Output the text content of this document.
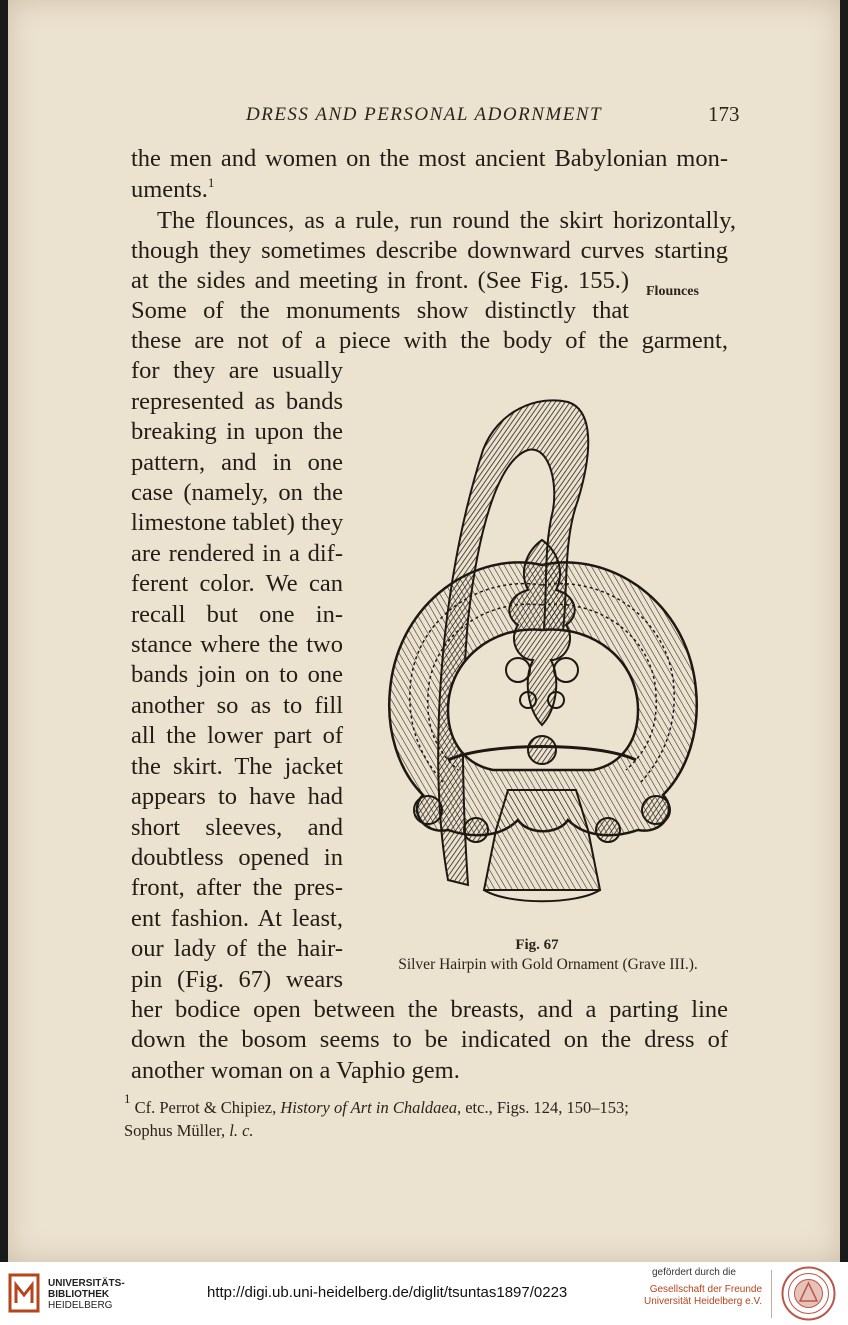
DRESS AND PERSONAL ADORNMENT	173
the men and women on the most ancient Babylonian mon-
uments.$^1$
The flounces, as a rule, run round the skirt horizontally,
though they sometimes describe downward curves starting
at the sides and meeting in front. (See Fig. 155.)
Some of the monuments show distinctly that
these are not of a piece with the body of the garment,
for they are usually
represented as bands
breaking in upon the
pattern, and in one
case (namely, on the
limestone tablet) they
are rendered in a dif-
ferent color. We can
recall but one in-
stance where the two
bands join on to one
another so as to fill
all the lower part of
the skirt. The jacket
appears to have had
short sleeves, and
doubtless opened in
front, after the pres-
ent fashion. At least,
our lady of the hair-
pin (Fig. 67) wears
her bodice open between the breasts, and a parting line
down the bosom seems to be indicated on the dress of
another woman on a Vaphio gem.
Flounces
Fig. 67
Silver Hairpin with Gold Ornament (Grave III.).
$^1$ Cf. Perrot & Chipiez, History of Art in Chaldaea, etc., Figs. 124, 150–153;
Sophus Müller, l. c.
UNIVERSITÄTS-
BIBLIOTHEK
HEIDELBERG
http://digi.ub.uni-heidelberg.de/diglit/tsuntas1897/0223
gefördert durch die
Gesellschaft der Freunde
Universität Heidelberg e.V.
